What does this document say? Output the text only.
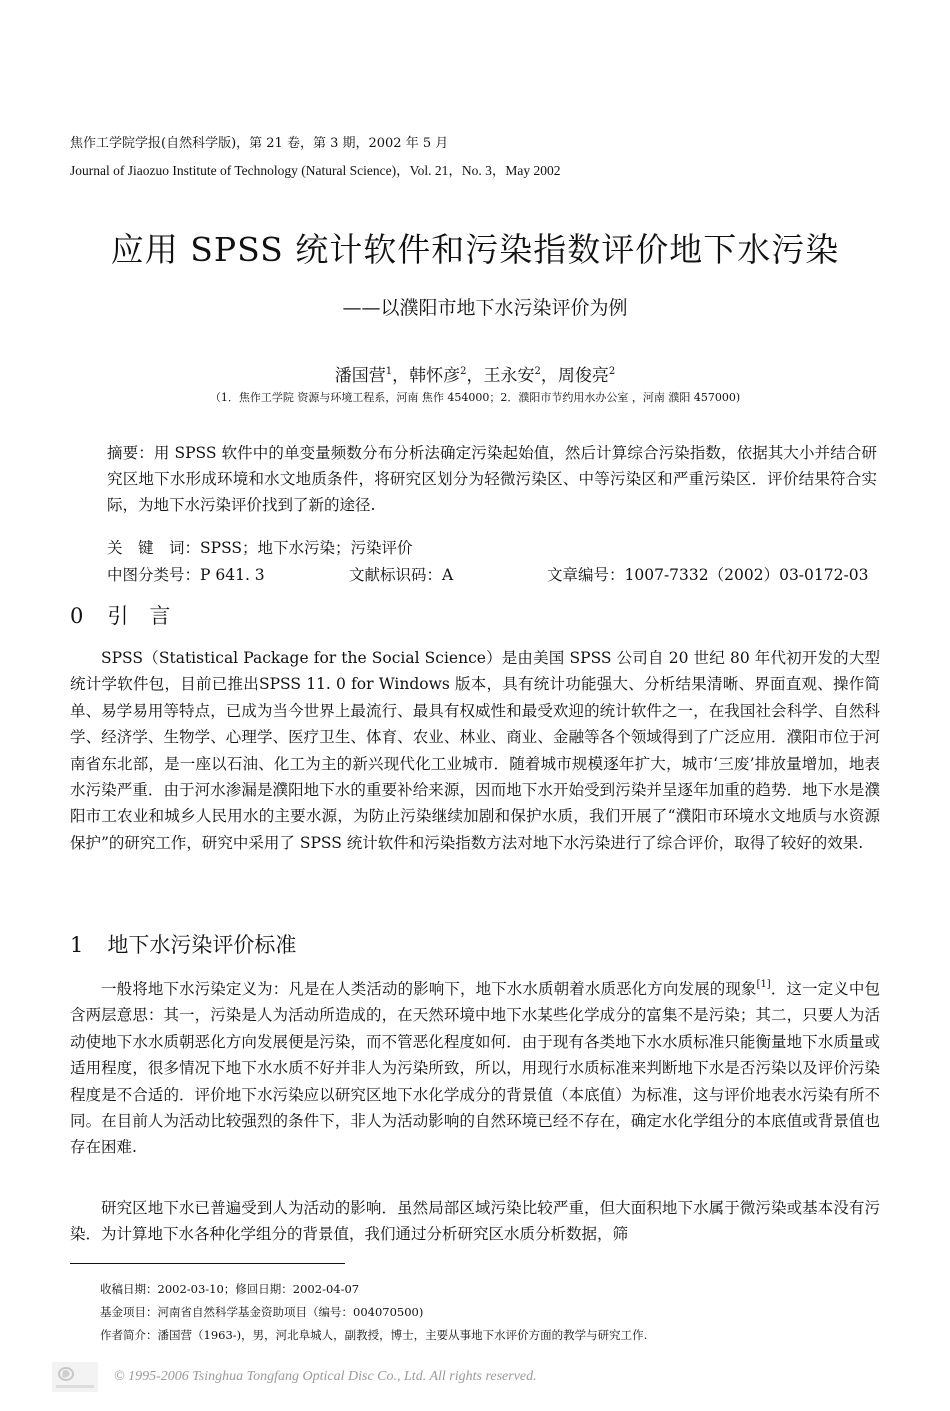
焦作工学院学报(自然科学版)，第 21 卷，第 3 期，2002 年 5 月
Journal of Jiaozuo Institute of Technology (Natural Science)，Vol. 21，No. 3，May 2002
应用 SPSS 统计软件和污染指数评价地下水污染
——以濮阳市地下水污染评价为例
潘国营$^1$，韩怀彦$^2$，王永安$^2$，周俊亮$^2$
（1．焦作工学院 资源与环境工程系，河南 焦作 454000；2．濮阳市节约用水办公室 ，河南 濮阳 457000)
摘要：用 SPSS 软件中的单变量频数分布分析法确定污染起始值，然后计算综合污染指数，依据其大小并结合研究区地下水形成环境和水文地质条件，将研究区划分为轻微污染区、中等污染区和严重污染区．评价结果符合实际，为地下水污染评价找到了新的途径.
关　键　词：SPSS；地下水污染；污染评价
中图分类号：P 641. 3	文献标识码：A	文章编号：1007-7332（2002）03-0172-03
0 引　言
SPSS（Statistical Package for the Social Science）是由美国 SPSS 公司自 20 世纪 80 年代初开发的大型统计学软件包，目前已推出SPSS 11. 0 for Windows 版本，具有统计功能强大、分析结果清晰、界面直观、操作简单、易学易用等特点，已成为当今世界上最流行、最具有权威性和最受欢迎的统计软件之一，在我国社会科学、自然科学、经济学、生物学、心理学、医疗卫生、体育、农业、林业、商业、金融等各个领域得到了广泛应用．濮阳市位于河南省东北部，是一座以石油、化工为主的新兴现代化工业城市．随着城市规模逐年扩大，城市‘三废’排放量增加，地表水污染严重．由于河水渗漏是濮阳地下水的重要补给来源，因而地下水开始受到污染并呈逐年加重的趋势．地下水是濮阳市工农业和城乡人民用水的主要水源，为防止污染继续加剧和保护水质，我们开展了“濮阳市环境水文地质与水资源保护”的研究工作，研究中采用了 SPSS 统计软件和污染指数方法对地下水污染进行了综合评价，取得了较好的效果.
1 地下水污染评价标准
一般将地下水污染定义为：凡是在人类活动的影响下，地下水水质朝着水质恶化方向发展的现象[1]．这一定义中包含两层意思：其一，污染是人为活动所造成的，在天然环境中地下水某些化学成分的富集不是污染；其二，只要人为活动使地下水水质朝恶化方向发展便是污染，而不管恶化程度如何．由于现有各类地下水水质标准只能衡量地下水质量或适用程度，很多情况下地下水水质不好并非人为污染所致，所以，用现行水质标准来判断地下水是否污染以及评价污染程度是不合适的．评价地下水污染应以研究区地下水化学成分的背景值（本底值）为标准，这与评价地表水污染有所不同。在目前人为活动比较强烈的条件下，非人为活动影响的自然环境已经不存在，确定水化学组分的本底值或背景值也存在困难.
研究区地下水已普遍受到人为活动的影响．虽然局部区域污染比较严重，但大面积地下水属于微污染或基本没有污染．为计算地下水各种化学组分的背景值，我们通过分析研究区水质分析数据，筛
收稿日期：2002-03-10；修回日期：2002-04-07
基金项目：河南省自然科学基金资助项目（编号：004070500)
作者简介：潘国营（1963-)，男，河北阜城人，副教授，博士，主要从事地下水评价方面的教学与研究工作.
© 1995-2006 Tsinghua Tongfang Optical Disc Co., Ltd. All rights reserved.
